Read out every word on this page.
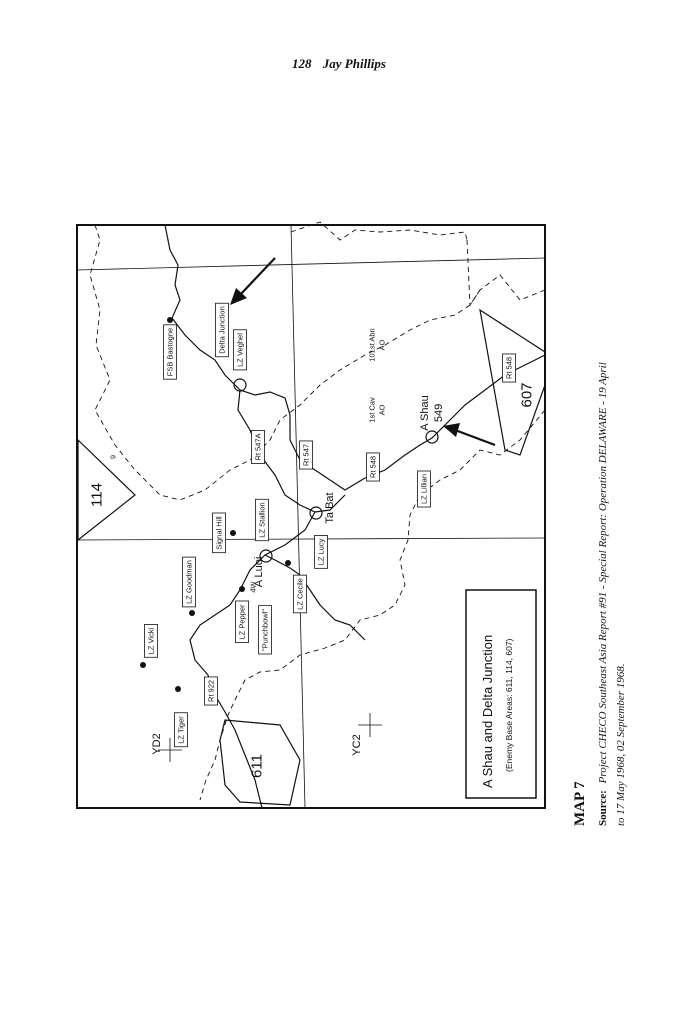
128 Jay Phillips
LZ Vicki
LZ Tiger
LZ Goodman
LZ Pepper "Punchbowl"
LZ Cecile
LZ Stallion
LZ Lucy
LZ Lillian
LZ Veghel
FSB Bastogne
Signal Hill
Rt 922
Rt 547A	Rt 547
Rt 548
Rt 548
A Luoi
Ta Bat
A Shau 549
Delta Junction
1st Cav AO
101st Abn AO
611
114
607
YD2	YC2
4W
9
A Shau and Delta Junction (Enemy Base Areas: 611, 114, 607)
MAP 7 Source: Project CHECO Southeast Asia Report #91 - Special Report: Operation DELAWARE - 19 April to 17 May 1968, 02 September 1968.
